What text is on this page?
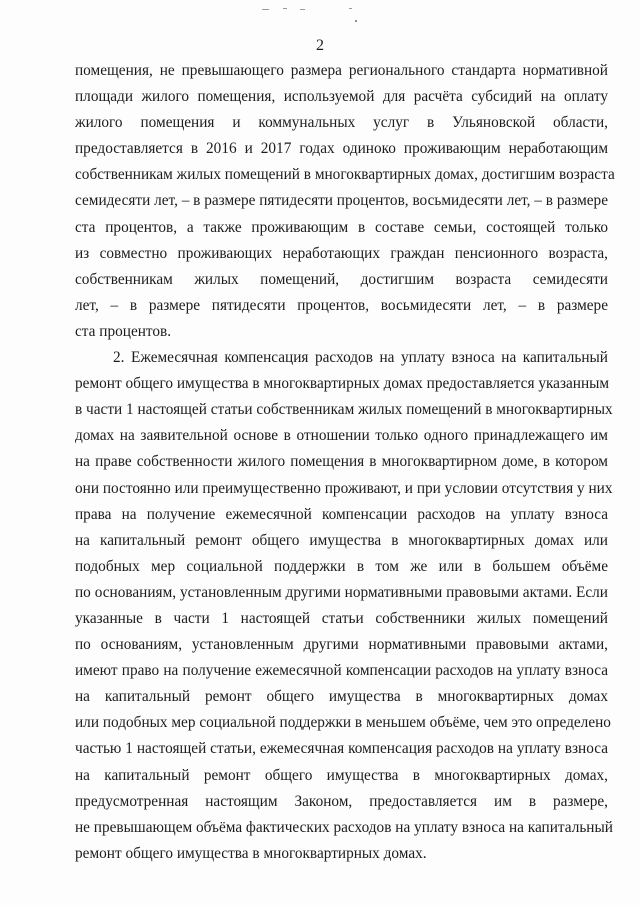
2
помещения, не превышающего размера регионального стандарта нормативной
площади жилого помещения, используемой для расчёта субсидий на оплату
жилого помещения и коммунальных услуг в Ульяновской области,
предоставляется в 2016 и 2017 годах одиноко проживающим неработающим
собственникам жилых помещений в многоквартирных домах, достигшим возраста
семидесяти лет, – в размере пятидесяти процентов, восьмидесяти лет, – в размере
ста процентов, а также проживающим в составе семьи, состоящей только
из совместно проживающих неработающих граждан пенсионного возраста,
собственникам жилых помещений, достигшим возраста семидесяти
лет, – в размере пятидесяти процентов, восьмидесяти лет, – в размере
ста процентов.
2. Ежемесячная компенсация расходов на уплату взноса на капитальный
ремонт общего имущества в многоквартирных домах предоставляется указанным
в части 1 настоящей статьи собственникам жилых помещений в многоквартирных
домах на заявительной основе в отношении только одного принадлежащего им
на праве собственности жилого помещения в многоквартирном доме, в котором
они постоянно или преимущественно проживают, и при условии отсутствия у них
права на получение ежемесячной компенсации расходов на уплату взноса
на капитальный ремонт общего имущества в многоквартирных домах или
подобных мер социальной поддержки в том же или в большем объёме
по основаниям, установленным другими нормативными правовыми актами. Если
указанные в части 1 настоящей статьи собственники жилых помещений
по основаниям, установленным другими нормативными правовыми актами,
имеют право на получение ежемесячной компенсации расходов на уплату взноса
на капитальный ремонт общего имущества в многоквартирных домах
или подобных мер социальной поддержки в меньшем объёме, чем это определено
частью 1 настоящей статьи, ежемесячная компенсация расходов на уплату взноса
на капитальный ремонт общего имущества в многоквартирных домах,
предусмотренная настоящим Законом, предоставляется им в размере,
не превышающем объёма фактических расходов на уплату взноса на капитальный
ремонт общего имущества в многоквартирных домах.
